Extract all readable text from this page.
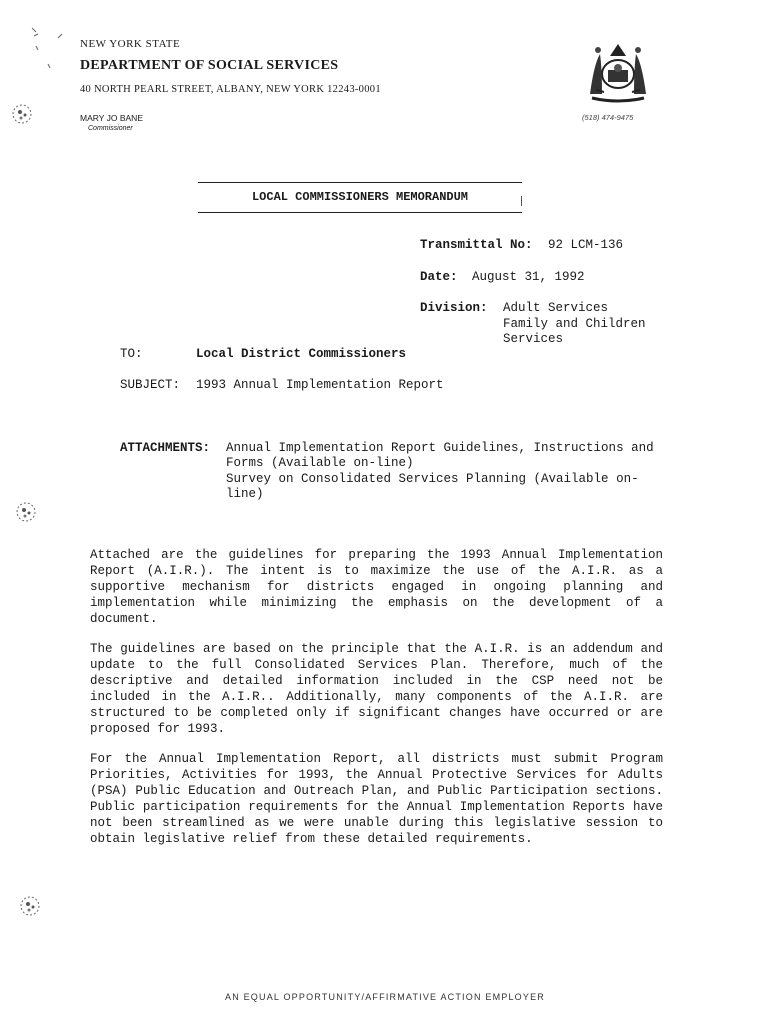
NEW YORK STATE
DEPARTMENT OF SOCIAL SERVICES
40 NORTH PEARL STREET, ALBANY, NEW YORK 12243-0001
MARY JO BANE
Commissioner
(518) 474-9475
LOCAL COMMISSIONERS MEMORANDUM
Transmittal No: 92 LCM-136
Date: August 31, 1992
Division: Adult Services
Family and Children
Services
TO:	Local District Commissioners
SUBJECT: 1993 Annual Implementation Report
ATTACHMENTS: Annual Implementation Report Guidelines, Instructions and
Forms (Available on-line)
Survey on Consolidated Services Planning (Available on-
line)
Attached are the guidelines for preparing the 1993 Annual Implementation Report (A.I.R.). The intent is to maximize the use of the A.I.R. as a supportive mechanism for districts engaged in ongoing planning and implementation while minimizing the emphasis on the development of a document.
The guidelines are based on the principle that the A.I.R. is an addendum and update to the full Consolidated Services Plan. Therefore, much of the descriptive and detailed information included in the CSP need not be included in the A.I.R.. Additionally, many components of the A.I.R. are structured to be completed only if significant changes have occurred or are proposed for 1993.
For the Annual Implementation Report, all districts must submit Program Priorities, Activities for 1993, the Annual Protective Services for Adults (PSA) Public Education and Outreach Plan, and Public Participation sections. Public participation requirements for the Annual Implementation Reports have not been streamlined as we were unable during this legislative session to obtain legislative relief from these detailed requirements.
AN EQUAL OPPORTUNITY/AFFIRMATIVE ACTION EMPLOYER
